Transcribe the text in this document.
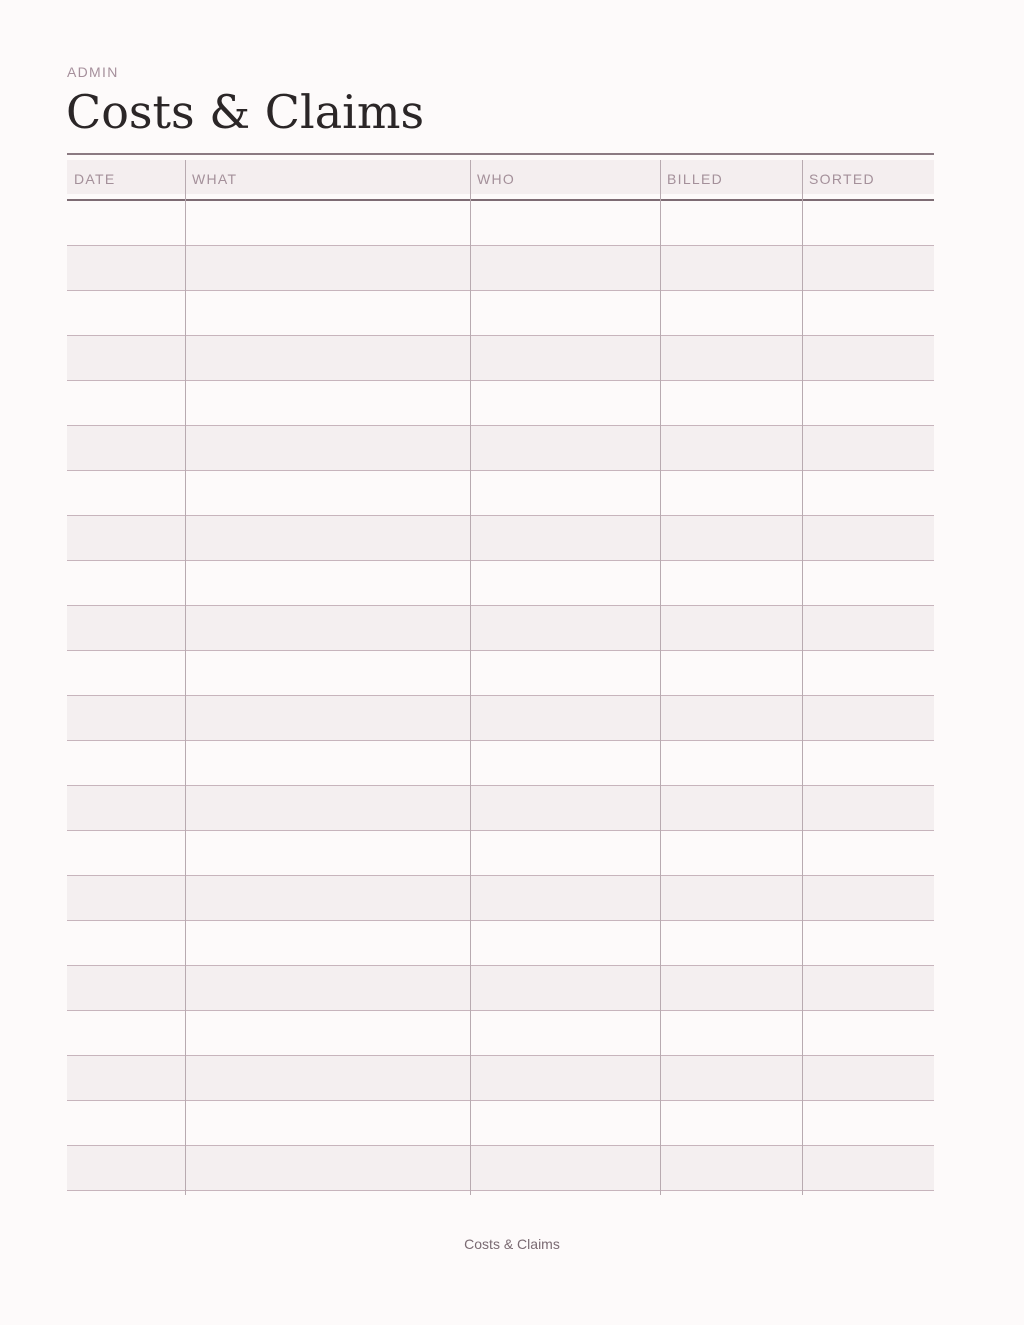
ADMIN
Costs & Claims
DATE	WHAT	WHO	BILLED	SORTED
Costs & Claims
